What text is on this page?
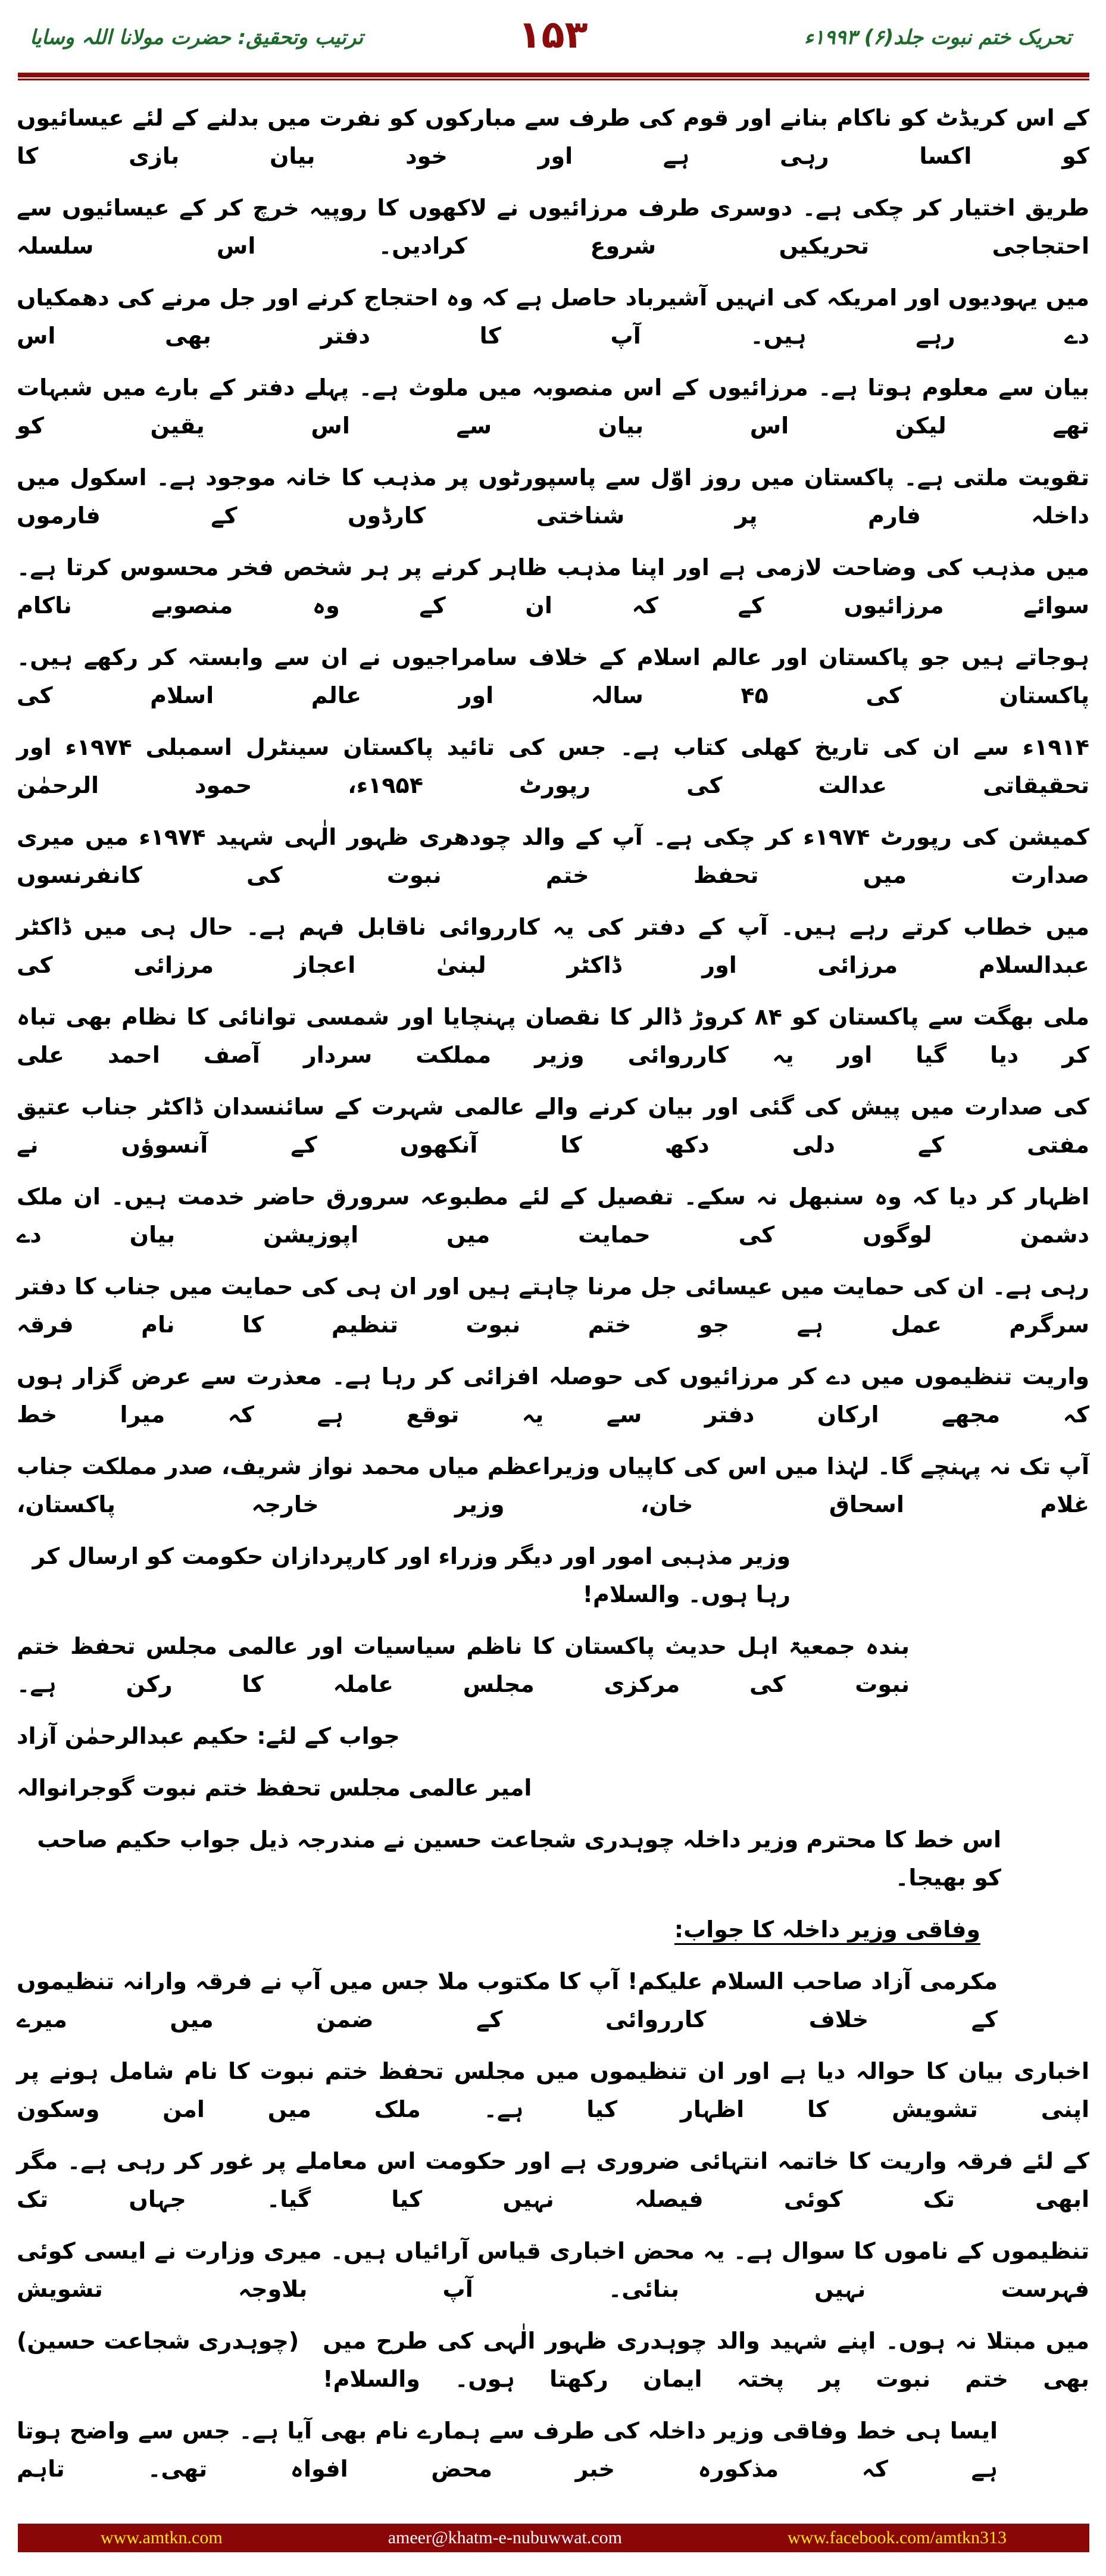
تحریک ختم نبوت جلد(۶) ۱۹۹۳ء
۱۵۳
ترتیب وتحقیق: حضرت مولانا اللہ وسایا
کے اس کریڈٹ کو ناکام بنانے اور قوم کی طرف سے مبارکوں کو نفرت میں بدلنے کے لئے عیسائیوں کو اکسا رہی ہے اور خود بیان بازی کا
طریق اختیار کر چکی ہے۔ دوسری طرف مرزائیوں نے لاکھوں کا روپیہ خرچ کر کے عیسائیوں سے احتجاجی تحریکیں شروع کرادیں۔ اس سلسلہ
میں یہودیوں اور امریکہ کی انہیں آشیرباد حاصل ہے کہ وہ احتجاج کرنے اور جل مرنے کی دھمکیاں دے رہے ہیں۔ آپ کا دفتر بھی اس
بیان سے معلوم ہوتا ہے۔ مرزائیوں کے اس منصوبہ میں ملوث ہے۔ پہلے دفتر کے بارے میں شبہات تھے لیکن اس بیان سے اس یقین کو
تقویت ملتی ہے۔ پاکستان میں روز اوّل سے پاسپورٹوں پر مذہب کا خانہ موجود ہے۔ اسکول میں داخلہ فارم پر شناختی کارڈوں کے فارموں
میں مذہب کی وضاحت لازمی ہے اور اپنا مذہب ظاہر کرنے پر ہر شخص فخر محسوس کرتا ہے۔ سوائے مرزائیوں کے کہ ان کے وہ منصوبے ناکام
ہوجاتے ہیں جو پاکستان اور عالم اسلام کے خلاف سامراجیوں نے ان سے وابستہ کر رکھے ہیں۔ پاکستان کی ۴۵ سالہ اور عالم اسلام کی
۱۹۱۴ء سے ان کی تاریخ کھلی کتاب ہے۔ جس کی تائید پاکستان سینٹرل اسمبلی ۱۹۷۴ء اور تحقیقاتی عدالت کی رپورٹ ۱۹۵۴ء، حمود الرحمٰن
کمیشن کی رپورٹ ۱۹۷۴ء کر چکی ہے۔ آپ کے والد چودھری ظہور الٰہی شہید ۱۹۷۴ء میں میری صدارت میں تحفظ ختم نبوت کی کانفرنسوں
میں خطاب کرتے رہے ہیں۔ آپ کے دفتر کی یہ کارروائی ناقابل فہم ہے۔ حال ہی میں ڈاکٹر عبدالسلام مرزائی اور ڈاکٹر لبنیٰ اعجاز مرزائی کی
ملی بھگت سے پاکستان کو ۸۴ کروڑ ڈالر کا نقصان پہنچایا اور شمسی توانائی کا نظام بھی تباہ کر دیا گیا اور یہ کارروائی وزیر مملکت سردار آصف احمد علی
کی صدارت میں پیش کی گئی اور بیان کرنے والے عالمی شہرت کے سائنسدان ڈاکٹر جناب عتیق مفتی کے دلی دکھ کا آنکھوں کے آنسوؤں نے
اظہار کر دیا کہ وہ سنبھل نہ سکے۔ تفصیل کے لئے مطبوعہ سرورق حاضر خدمت ہیں۔ ان ملک دشمن لوگوں کی حمایت میں اپوزیشن بیان دے
رہی ہے۔ ان کی حمایت میں عیسائی جل مرنا چاہتے ہیں اور ان ہی کی حمایت میں جناب کا دفتر سرگرم عمل ہے جو ختم نبوت تنظیم کا نام فرقہ
واریت تنظیموں میں دے کر مرزائیوں کی حوصلہ افزائی کر رہا ہے۔ معذرت سے عرض گزار ہوں کہ مجھے ارکان دفتر سے یہ توقع ہے کہ میرا خط
آپ تک نہ پہنچے گا۔ لہٰذا میں اس کی کاپیاں وزیراعظم میاں محمد نواز شریف، صدر مملکت جناب غلام اسحاق خان، وزیر خارجہ پاکستان،
وزیر مذہبی امور اور دیگر وزراء اور کارپردازان حکومت کو ارسال کر رہا ہوں۔ والسلام!
بندہ جمعیۃ اہل حدیث پاکستان کا ناظم سیاسیات اور عالمی مجلس تحفظ ختم نبوت کی مرکزی مجلس عاملہ کا رکن ہے۔
جواب کے لئے: حکیم عبدالرحمٰن آزاد
امیر عالمی مجلس تحفظ ختم نبوت گوجرانوالہ
اس خط کا محترم وزیر داخلہ چوہدری شجاعت حسین نے مندرجہ ذیل جواب حکیم صاحب کو بھیجا۔
وفاقی وزیر داخلہ کا جواب:
مکرمی آزاد صاحب السلام علیکم! آپ کا مکتوب ملا جس میں آپ نے فرقہ وارانہ تنظیموں کے خلاف کارروائی کے ضمن میں میرے
اخباری بیان کا حوالہ دیا ہے اور ان تنظیموں میں مجلس تحفظ ختم نبوت کا نام شامل ہونے پر اپنی تشویش کا اظہار کیا ہے۔ ملک میں امن وسکون
کے لئے فرقہ واریت کا خاتمہ انتہائی ضروری ہے اور حکومت اس معاملے پر غور کر رہی ہے۔ مگر ابھی تک کوئی فیصلہ نہیں کیا گیا۔ جہاں تک
تنظیموں کے ناموں کا سوال ہے۔ یہ محض اخباری قیاس آرائیاں ہیں۔ میری وزارت نے ایسی کوئی فہرست نہیں بنائی۔ آپ بلاوجہ تشویش
میں مبتلا نہ ہوں۔ اپنے شہید والد چوہدری ظہور الٰہی کی طرح میں بھی ختم نبوت پر پختہ ایمان رکھتا ہوں۔ والسلام!
(چوہدری شجاعت حسین)
ایسا ہی خط وفاقی وزیر داخلہ کی طرف سے ہمارے نام بھی آیا ہے۔ جس سے واضح ہوتا ہے کہ مذکورہ خبر محض افواہ تھی۔ تاہم
www.amtkn.com	ameer@khatm-e-nubuwwat.com	www.facebook.com/amtkn313
